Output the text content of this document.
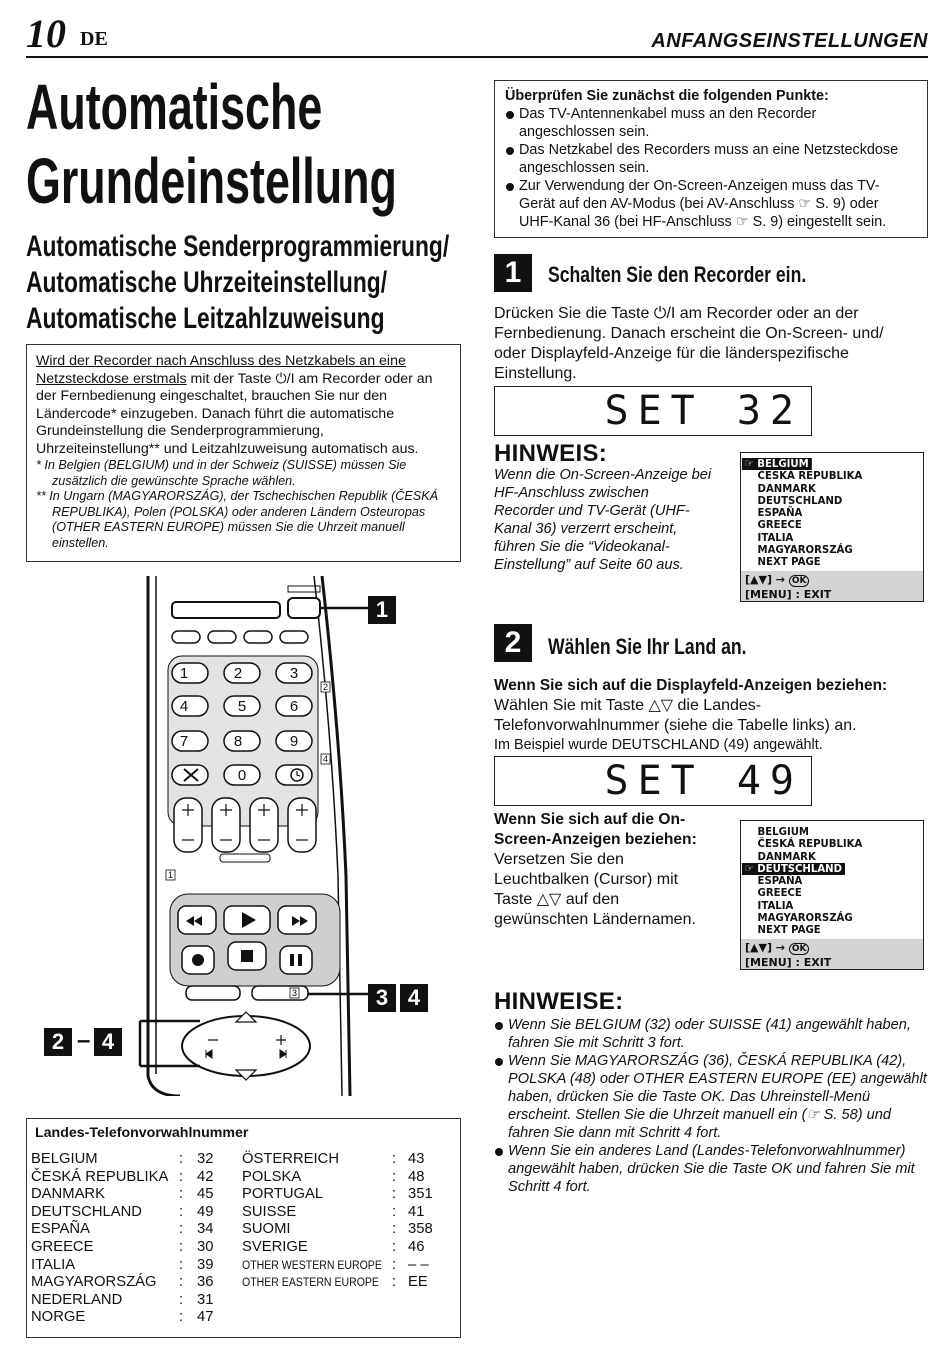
10 DE	ANFANGSEINSTELLUNGEN
Automatische
Grundeinstellung
Automatische Senderprogrammierung/
Automatische Uhrzeiteinstellung/
Automatische Leitzahlzuweisung
Wird der Recorder nach Anschluss des Netzkabels an eine
Netzsteckdose erstmals mit der Taste ⏻/I am Recorder oder an
der Fernbedienung eingeschaltet, brauchen Sie nur den
Ländercode* einzugeben. Danach führt die automatische
Grundeinstellung die Senderprogrammierung,
Uhrzeiteinstellung** und Leitzahlzuweisung automatisch aus.
* In Belgien (BELGIUM) und in der Schweiz (SUISSE) müssen Sie zusätzlich die gewünschte Sprache wählen.
** In Ungarn (MAGYARORSZÁG), der Tschechischen Republik (ČESKÁ REPUBLIKA), Polen (POLSKA) oder anderen Ländern Osteuropas (OTHER EASTERN EUROPE) müssen Sie die Uhrzeit manuell einstellen.
1	2	3
4	5	6
7	8	9
0
2
4
1
3
1
3 4
2 – 4
Landes-Telefonvorwahlnummer
BELGIUM	: 32
ČESKÁ REPUBLIKA : 42
DANMARK	: 45
DEUTSCHLAND	: 49
ESPAÑA	: 34
GREECE	: 30
ITALIA	: 39
MAGYARORSZÁG : 36
NEDERLAND	: 31
NORGE	: 47
ÖSTERREICH	: 43
POLSKA	: 48
PORTUGAL	: 351
SUISSE	: 41
SUOMI	: 358
SVERIGE	: 46
OTHER WESTERN EUROPE : – –
OTHER EASTERN EUROPE : EE
Überprüfen Sie zunächst die folgenden Punkte:
Das TV-Antennenkabel muss an den Recorder
angeschlossen sein.
Das Netzkabel des Recorders muss an eine Netzsteckdose
angeschlossen sein.
Zur Verwendung der On-Screen-Anzeigen muss das TV-
Gerät auf den AV-Modus (bei AV-Anschluss ☞ S. 9) oder
UHF-Kanal 36 (bei HF-Anschluss ☞ S. 9) eingestellt sein.
1	Schalten Sie den Recorder ein.
Drücken Sie die Taste ⏻/I am Recorder oder an der
Fernbedienung. Danach erscheint die On-Screen- und/
oder Displayfeld-Anzeige für die länderspezifische
Einstellung.
SET 32
HINWEIS:
Wenn die On-Screen-Anzeige bei
HF-Anschluss zwischen
Recorder und TV-Gerät (UHF-
Kanal 36) verzerrt erscheint,
führen Sie die “Videokanal-
Einstellung” auf Seite 60 aus.
☞ BELGIUM
ČESKÁ REPUBLIKA
DANMARK
DEUTSCHLAND
ESPAÑA
GREECE
ITALIA
MAGYARORSZÁG
NEXT PAGE
[▲▼] → OK
[MENU] : EXIT
2	Wählen Sie Ihr Land an.
Wenn Sie sich auf die Displayfeld-Anzeigen beziehen:
Wählen Sie mit Taste △▽ die Landes-
Telefonvorwahlnummer (siehe die Tabelle links) an.
Im Beispiel wurde DEUTSCHLAND (49) angewählt.
SET 49
Wenn Sie sich auf die On-
Screen-Anzeigen beziehen:
Versetzen Sie den
Leuchtbalken (Cursor) mit
Taste △▽ auf den
gewünschten Ländernamen.
BELGIUM
ČESKÁ REPUBLIKA
DANMARK
☞ DEUTSCHLAND
ESPAÑA
GREECE
ITALIA
MAGYARORSZÁG
NEXT PAGE
[▲▼] → OK
[MENU] : EXIT
HINWEISE:
Wenn Sie BELGIUM (32) oder SUISSE (41) angewählt haben,
fahren Sie mit Schritt 3 fort.
Wenn Sie MAGYARORSZÁG (36), ČESKÁ REPUBLIKA (42),
POLSKA (48) oder OTHER EASTERN EUROPE (EE) angewählt
haben, drücken Sie die Taste OK. Das Uhreinstell-Menü
erscheint. Stellen Sie die Uhrzeit manuell ein (☞ S. 58) und
fahren Sie dann mit Schritt 4 fort.
Wenn Sie ein anderes Land (Landes-Telefonvorwahlnummer)
angewählt haben, drücken Sie die Taste OK und fahren Sie mit
Schritt 4 fort.
